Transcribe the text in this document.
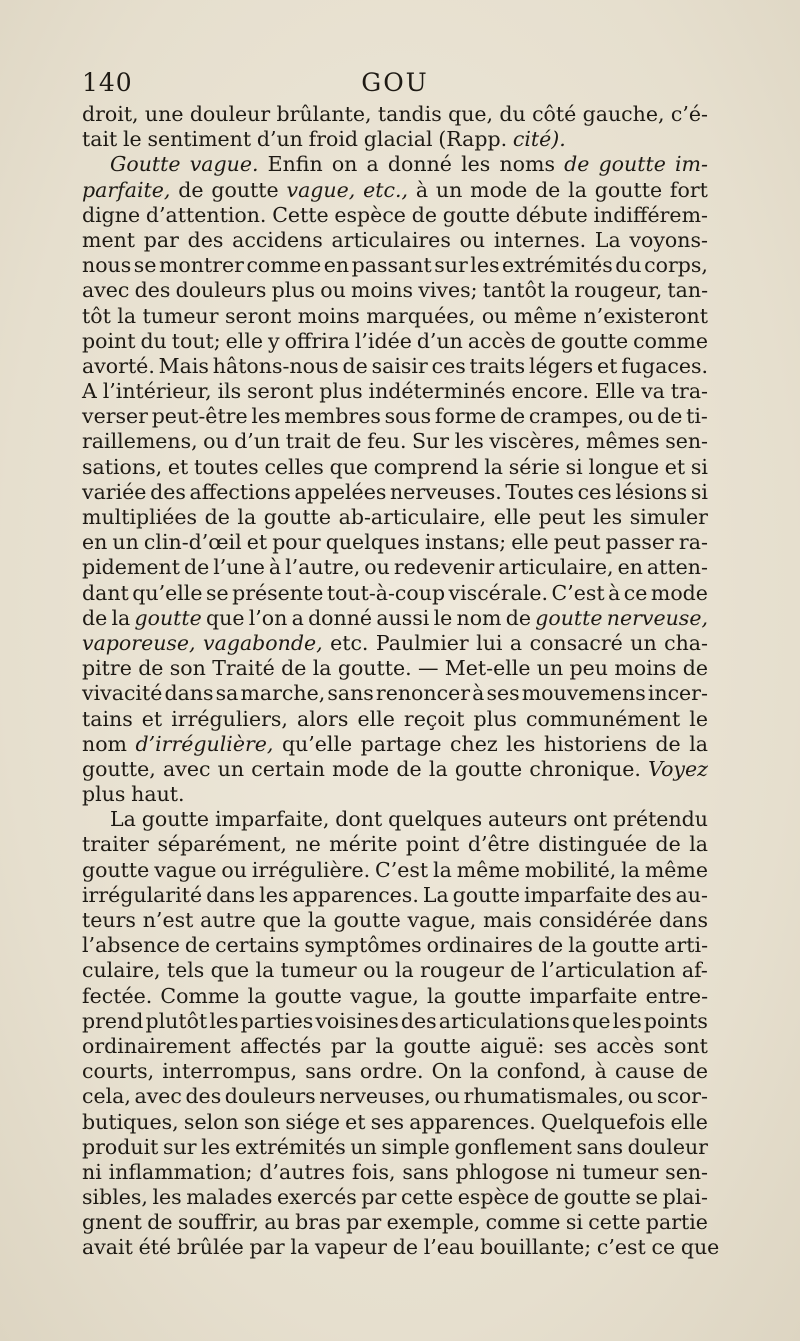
140	GOU
droit, une douleur brûlante, tandis que, du côté gauche, c’é-
tait le sentiment d’un froid glacial (Rapp. cité).
Goutte vague. Enfin on a donné les noms de goutte im-
parfaite, de goutte vague, etc., à un mode de la goutte fort
digne d’attention. Cette espèce de goutte débute indifférem-
ment par des accidens articulaires ou internes. La voyons-
nous se montrer comme en passant sur les extrémités du corps,
avec des douleurs plus ou moins vives; tantôt la rougeur, tan-
tôt la tumeur seront moins marquées, ou même n’existeront
point du tout; elle y offrira l’idée d’un accès de goutte comme
avorté. Mais hâtons-nous de saisir ces traits légers et fugaces.
A l’intérieur, ils seront plus indéterminés encore. Elle va tra-
verser peut-être les membres sous forme de crampes, ou de ti-
raillemens, ou d’un trait de feu. Sur les viscères, mêmes sen-
sations, et toutes celles que comprend la série si longue et si
variée des affections appelées nerveuses. Toutes ces lésions si
multipliées de la goutte ab-articulaire, elle peut les simuler
en un clin-d’œil et pour quelques instans; elle peut passer ra-
pidement de l’une à l’autre, ou redevenir articulaire, en atten-
dant qu’elle se présente tout-à-coup viscérale. C’est à ce mode
de la goutte que l’on a donné aussi le nom de goutte nerveuse,
vaporeuse, vagabonde, etc. Paulmier lui a consacré un cha-
pitre de son Traité de la goutte. — Met-elle un peu moins de
vivacité dans sa marche, sans renoncer à ses mouvemens incer-
tains et irréguliers, alors elle reçoit plus communément le
nom d’irrégulière, qu’elle partage chez les historiens de la
goutte, avec un certain mode de la goutte chronique. Voyez
plus haut.
La goutte imparfaite, dont quelques auteurs ont prétendu
traiter séparément, ne mérite point d’être distinguée de la
goutte vague ou irrégulière. C’est la même mobilité, la même
irrégularité dans les apparences. La goutte imparfaite des au-
teurs n’est autre que la goutte vague, mais considérée dans
l’absence de certains symptômes ordinaires de la goutte arti-
culaire, tels que la tumeur ou la rougeur de l’articulation af-
fectée. Comme la goutte vague, la goutte imparfaite entre-
prend plutôt les parties voisines des articulations que les points
ordinairement affectés par la goutte aiguë: ses accès sont
courts, interrompus, sans ordre. On la confond, à cause de
cela, avec des douleurs nerveuses, ou rhumatismales, ou scor-
butiques, selon son siége et ses apparences. Quelquefois elle
produit sur les extrémités un simple gonflement sans douleur
ni inflammation; d’autres fois, sans phlogose ni tumeur sen-
sibles, les malades exercés par cette espèce de goutte se plai-
gnent de souffrir, au bras par exemple, comme si cette partie
avait été brûlée par la vapeur de l’eau bouillante; c’est ce que
